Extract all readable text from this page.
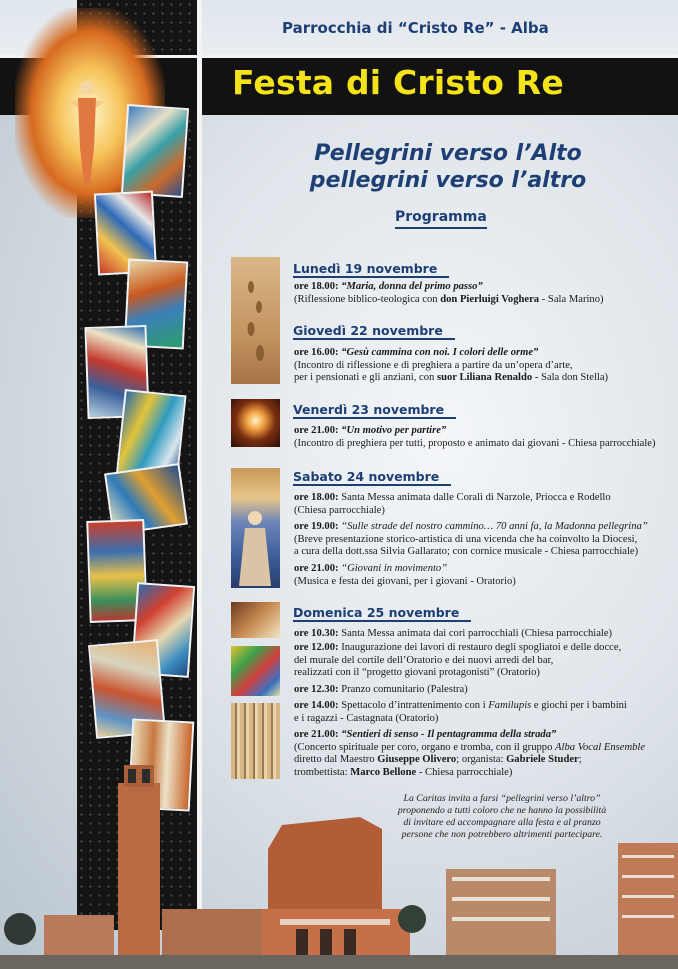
Parrocchia di “Cristo Re” - Alba
Festa di Cristo Re
Pellegrini verso l’Alto
pellegrini verso l’altro
Programma
Lunedì 19 novembre
ore 18.00: “Maria, donna del primo passo”
(Riflessione biblico-teologica con don Pierluigi Voghera - Sala Marino)
Giovedì 22 novembre
ore 16.00: “Gesù cammina con noi. I colori delle orme”
(Incontro di riflessione e di preghiera a partire da un’opera d’arte,
per i pensionati e gli anziani, con suor Liliana Renaldo - Sala don Stella)
Venerdì 23 novembre
ore 21.00: “Un motivo per partire”
(Incontro di preghiera per tutti, proposto e animato dai giovani - Chiesa parrocchiale)
Sabato 24 novembre
ore 18.00: Santa Messa animata dalle Corali di Narzole, Priocca e Rodello
(Chiesa parrocchiale)
ore 19.00: “Sulle strade del nostro cammino… 70 anni fa, la Madonna pellegrina”
(Breve presentazione storico-artistica di una vicenda che ha coinvolto la Diocesi,
a cura della dott.ssa Silvia Gallarato; con cornice musicale - Chiesa parrocchiale)
ore 21.00: “Giovani in movimento”
(Musica e festa dei giovani, per i giovani - Oratorio)
Domenica 25 novembre
ore 10.30: Santa Messa animata dai cori parrocchiali (Chiesa parrocchiale)
ore 12.00: Inaugurazione dei lavori di restauro degli spogliatoi e delle docce,
del murale del cortile dell’Oratorio e dei nuovi arredi del bar,
realizzati con il “progetto giovani protagonisti” (Oratorio)
ore 12.30: Pranzo comunitario (Palestra)
ore 14.00: Spettacolo d’intrattenimento con i Familupis e giochi per i bambini
e i ragazzi - Castagnata (Oratorio)
ore 21.00: “Sentieri di senso - Il pentagramma della strada”
(Concerto spirituale per coro, organo e tromba, con il gruppo Alba Vocal Ensemble
diretto dal Maestro Giuseppe Olivero; organista: Gabriele Studer;
trombettista: Marco Bellone - Chiesa parrocchiale)
La Caritas invita a farsi “pellegrini verso l’altro”
proponendo a tutti coloro che ne hanno la possibilità
di invitare ed accompagnare alla festa e al pranzo
persone che non potrebbero altrimenti partecipare.
